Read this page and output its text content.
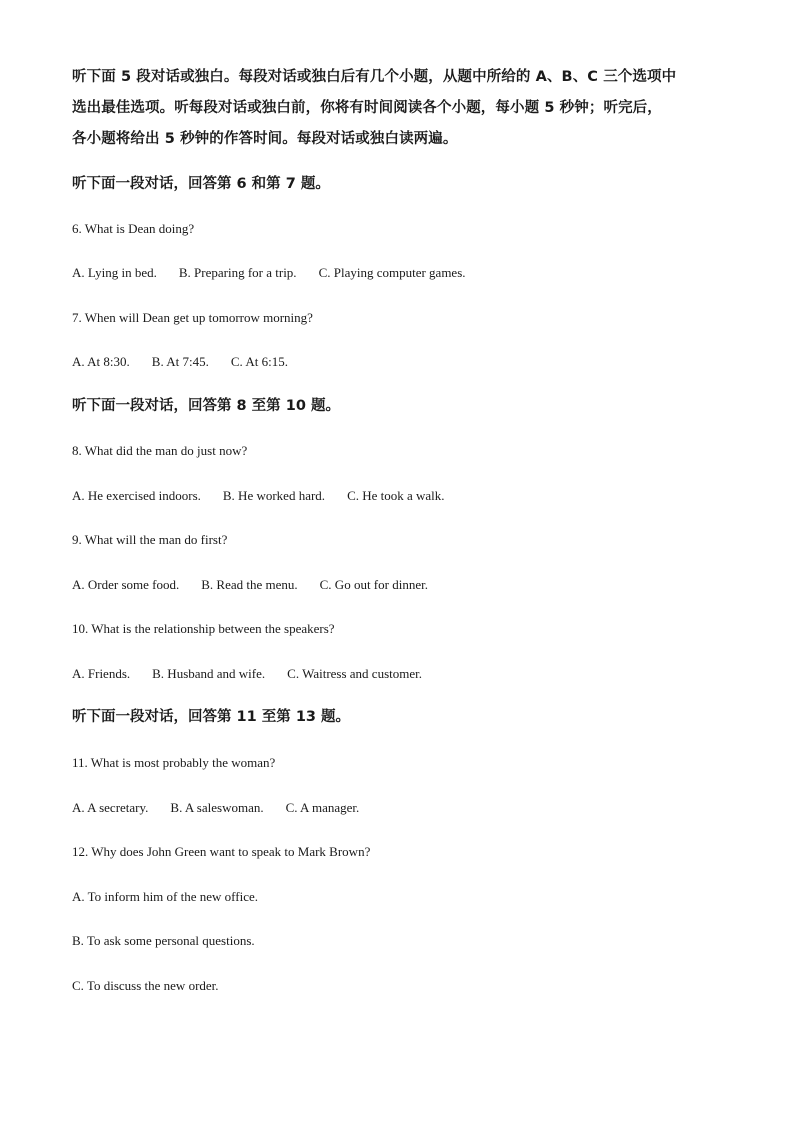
听下面 5 段对话或独白。每段对话或独白后有几个小题，从题中所给的 A、B、C 三个选项中

选出最佳选项。听每段对话或独白前，你将有时间阅读各个小题，每小题 5 秒钟；听完后，

各小题将给出 5 秒钟的作答时间。每段对话或独白读两遍。

听下面一段对话，回答第 6 和第 7 题。

6. What is Dean doing?

A. Lying in bed. B. Preparing for a trip. C. Playing computer games.

7. When will Dean get up tomorrow morning?

A. At 8:30. B. At 7:45. C. At 6:15.

听下面一段对话，回答第 8 至第 10 题。

8. What did the man do just now?

A. He exercised indoors. B. He worked hard. C. He took a walk.

9. What will the man do first?

A. Order some food. B. Read the menu. C. Go out for dinner.

10. What is the relationship between the speakers?

A. Friends. B. Husband and wife. C. Waitress and customer.

听下面一段对话，回答第 11 至第 13 题。

11. What is most probably the woman?

A. A secretary. B. A saleswoman. C. A manager.

12. Why does John Green want to speak to Mark Brown?

A. To inform him of the new office.

B. To ask some personal questions.

C. To discuss the new order.
